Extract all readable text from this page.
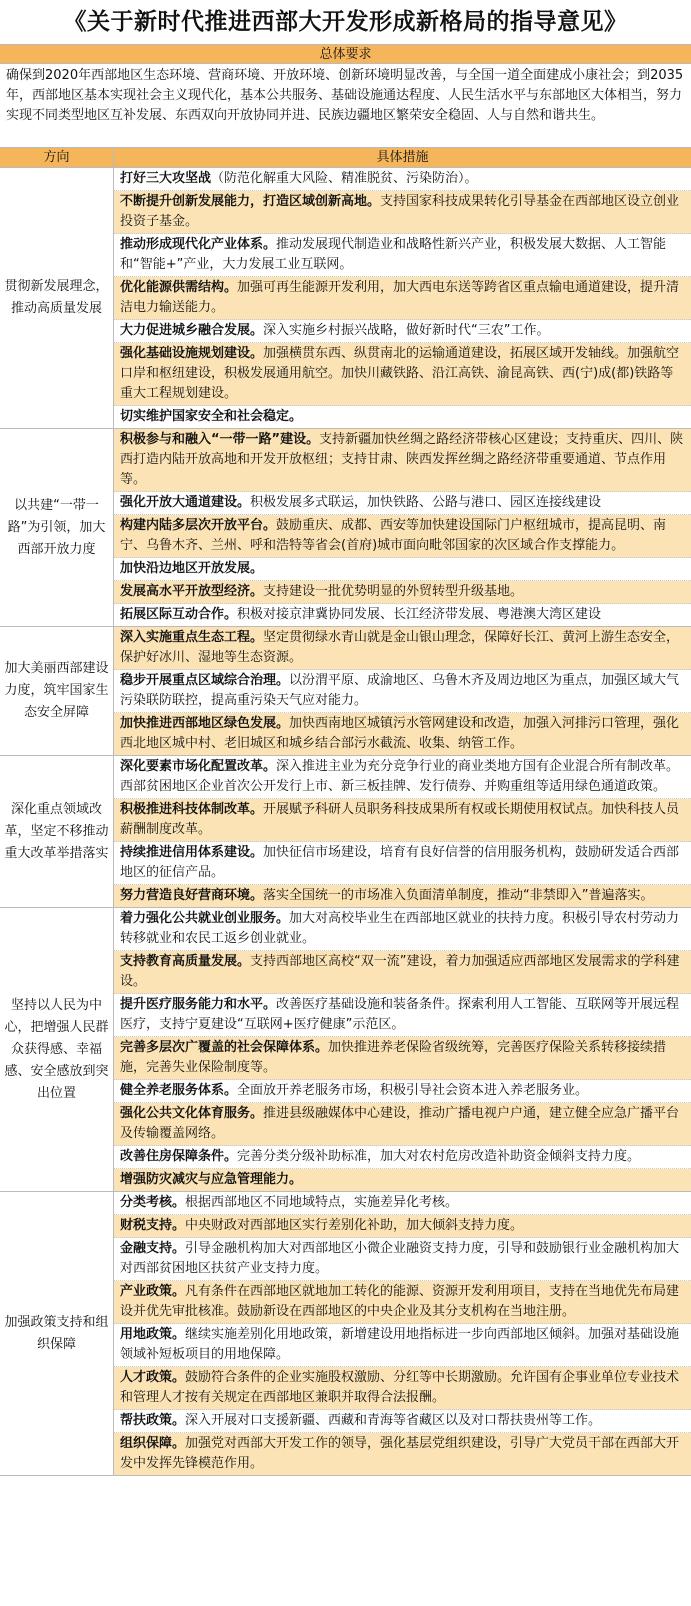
《关于新时代推进西部大开发形成新格局的指导意见》
总体要求
确保到2020年西部地区生态环境、营商环境、开放环境、创新环境明显改善，与全国一道全面建成小康社会；到2035年，西部地区基本实现社会主义现代化，基本公共服务、基础设施通达程度、人民生活水平与东部地区大体相当，努力实现不同类型地区互补发展、东西双向开放协同并进、民族边疆地区繁荣安全稳固、人与自然和谐共生。
方向	具体措施
贯彻新发展理念，推动高质量发展
打好三大攻坚战（防范化解重大风险、精准脱贫、污染防治）。
不断提升创新发展能力，打造区域创新高地。支持国家科技成果转化引导基金在西部地区设立创业投资子基金。
推动形成现代化产业体系。推动发展现代制造业和战略性新兴产业，积极发展大数据、人工智能和“智能+”产业，大力发展工业互联网。
优化能源供需结构。加强可再生能源开发利用，加大西电东送等跨省区重点输电通道建设，提升清洁电力输送能力。
大力促进城乡融合发展。深入实施乡村振兴战略，做好新时代“三农”工作。
强化基础设施规划建设。加强横贯东西、纵贯南北的运输通道建设，拓展区域开发轴线。加强航空口岸和枢纽建设，积极发展通用航空。加快川藏铁路、沿江高铁、渝昆高铁、西(宁)成(都)铁路等重大工程规划建设。
切实维护国家安全和社会稳定。
以共建“一带一路”为引领，加大西部开放力度
积极参与和融入“一带一路”建设。支持新疆加快丝绸之路经济带核心区建设；支持重庆、四川、陕西打造内陆开放高地和开发开放枢纽；支持甘肃、陕西发挥丝绸之路经济带重要通道、节点作用等。
强化开放大通道建设。积极发展多式联运，加快铁路、公路与港口、园区连接线建设
构建内陆多层次开放平台。鼓励重庆、成都、西安等加快建设国际门户枢纽城市，提高昆明、南宁、乌鲁木齐、兰州、呼和浩特等省会(首府)城市面向毗邻国家的次区域合作支撑能力。
加快沿边地区开放发展。
发展高水平开放型经济。支持建设一批优势明显的外贸转型升级基地。
拓展区际互动合作。积极对接京津冀协同发展、长江经济带发展、粤港澳大湾区建设
加大美丽西部建设力度，筑牢国家生态安全屏障
深入实施重点生态工程。坚定贯彻绿水青山就是金山银山理念，保障好长江、黄河上游生态安全，保护好冰川、湿地等生态资源。
稳步开展重点区域综合治理。以汾渭平原、成渝地区、乌鲁木齐及周边地区为重点，加强区域大气污染联防联控，提高重污染天气应对能力。
加快推进西部地区绿色发展。加快西南地区城镇污水管网建设和改造，加强入河排污口管理，强化西北地区城中村、老旧城区和城乡结合部污水截流、收集、纳管工作。
深化重点领域改革，坚定不移推动重大改革举措落实
深化要素市场化配置改革。深入推进主业为充分竞争行业的商业类地方国有企业混合所有制改革。西部贫困地区企业首次公开发行上市、新三板挂牌、发行债券、并购重组等适用绿色通道政策。
积极推进科技体制改革。开展赋予科研人员职务科技成果所有权或长期使用权试点。加快科技人员薪酬制度改革。
持续推进信用体系建设。加快征信市场建设，培育有良好信誉的信用服务机构，鼓励研发适合西部地区的征信产品。
努力营造良好营商环境。落实全国统一的市场准入负面清单制度，推动“非禁即入”普遍落实。
坚持以人民为中心，把增强人民群众获得感、幸福感、安全感放到突出位置
着力强化公共就业创业服务。加大对高校毕业生在西部地区就业的扶持力度。积极引导农村劳动力转移就业和农民工返乡创业就业。
支持教育高质量发展。支持西部地区高校“双一流”建设，着力加强适应西部地区发展需求的学科建设。
提升医疗服务能力和水平。改善医疗基础设施和装备条件。探索利用人工智能、互联网等开展远程医疗，支持宁夏建设“互联网+医疗健康”示范区。
完善多层次广覆盖的社会保障体系。加快推进养老保险省级统筹，完善医疗保险关系转移接续措施，完善失业保险制度等。
健全养老服务体系。全面放开养老服务市场，积极引导社会资本进入养老服务业。
强化公共文化体育服务。推进县级融媒体中心建设，推动广播电视户户通，建立健全应急广播平台及传输覆盖网络。
改善住房保障条件。完善分类分级补助标准，加大对农村危房改造补助资金倾斜支持力度。
增强防灾减灾与应急管理能力。
加强政策支持和组织保障
分类考核。根据西部地区不同地域特点，实施差异化考核。
财税支持。中央财政对西部地区实行差别化补助，加大倾斜支持力度。
金融支持。引导金融机构加大对西部地区小微企业融资支持力度，引导和鼓励银行业金融机构加大对西部贫困地区扶贫产业支持力度。
产业政策。凡有条件在西部地区就地加工转化的能源、资源开发利用项目，支持在当地优先布局建设并优先审批核准。鼓励新设在西部地区的中央企业及其分支机构在当地注册。
用地政策。继续实施差别化用地政策，新增建设用地指标进一步向西部地区倾斜。加强对基础设施领域补短板项目的用地保障。
人才政策。鼓励符合条件的企业实施股权激励、分红等中长期激励。允许国有企事业单位专业技术和管理人才按有关规定在西部地区兼职并取得合法报酬。
帮扶政策。深入开展对口支援新疆、西藏和青海等省藏区以及对口帮扶贵州等工作。
组织保障。加强党对西部大开发工作的领导，强化基层党组织建设，引导广大党员干部在西部大开发中发挥先锋模范作用。
